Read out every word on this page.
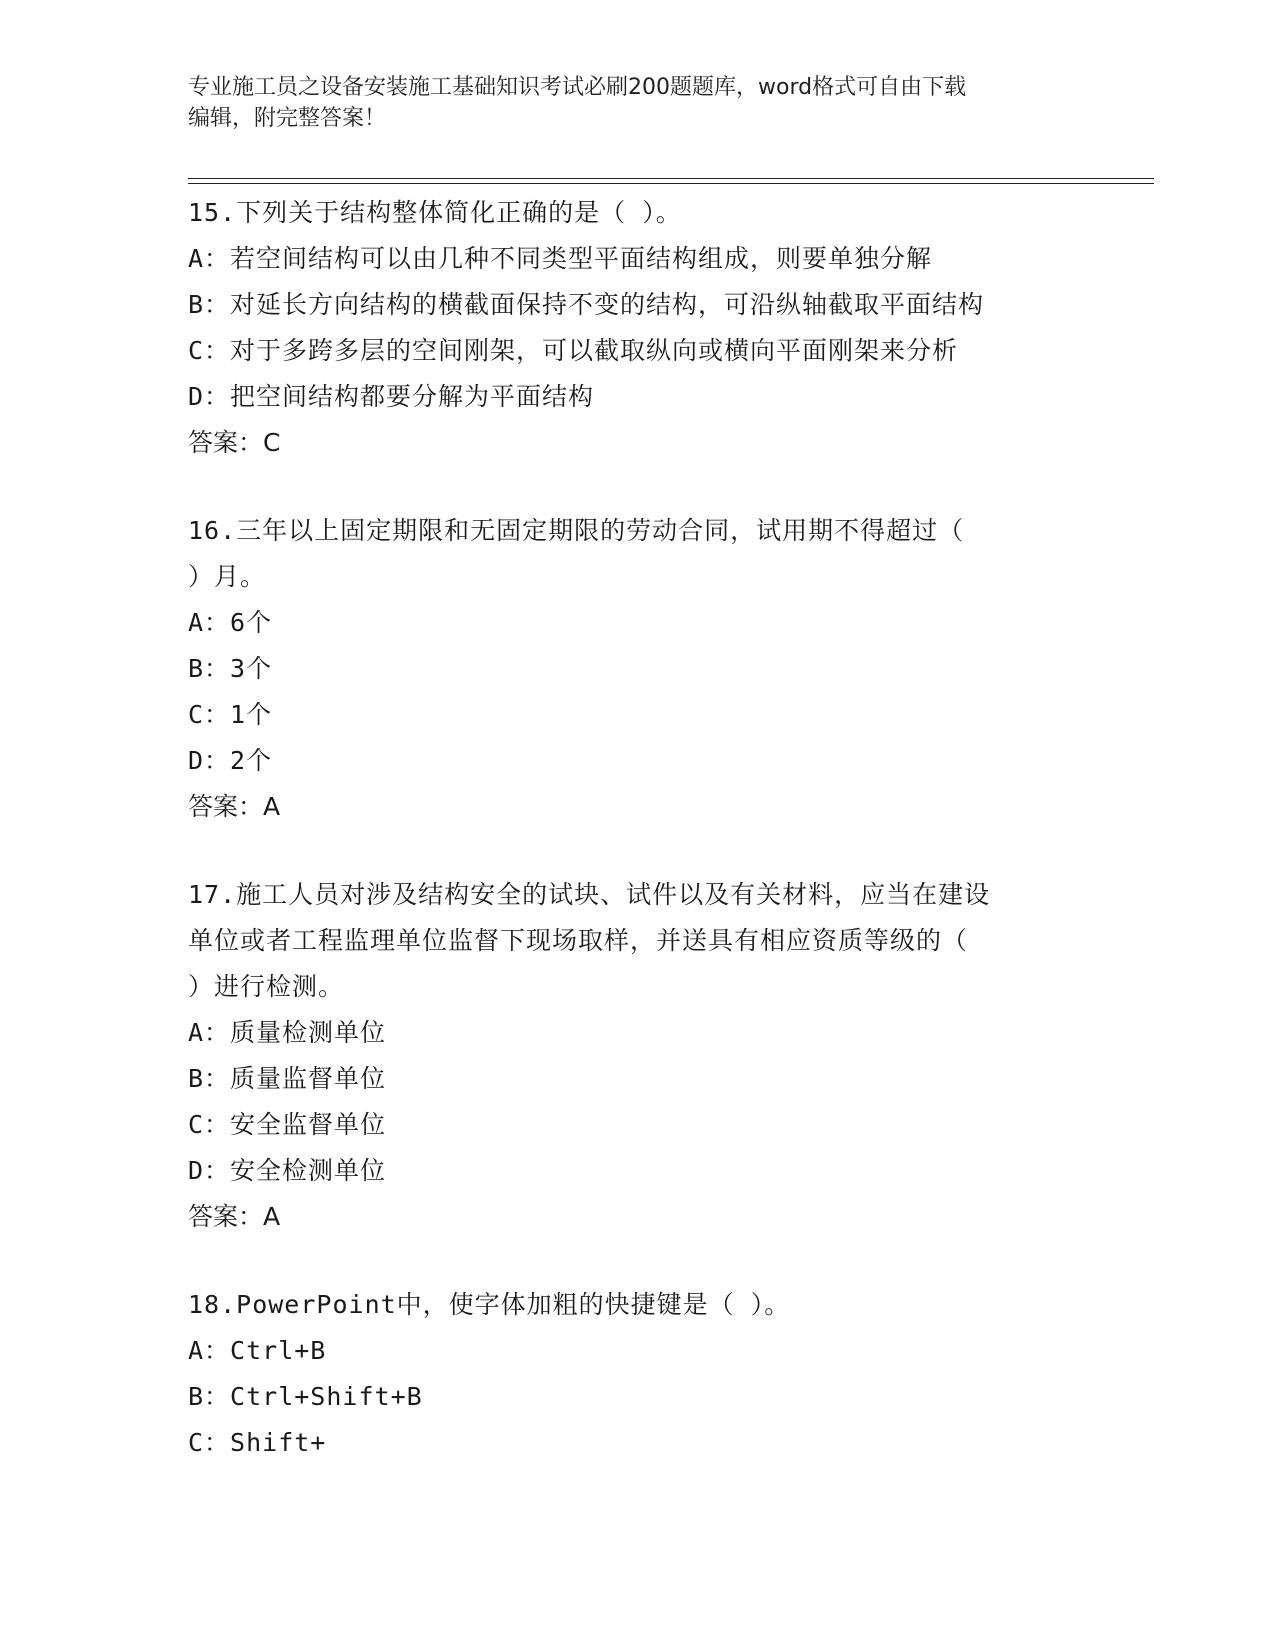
专业施工员之设备安装施工基础知识考试必刷200题题库，word格式可自由下载
编辑，附完整答案！
15.下列关于结构整体简化正确的是（ ）。
A：若空间结构可以由几种不同类型平面结构组成，则要单独分解
B：对延长方向结构的横截面保持不变的结构，可沿纵轴截取平面结构
C：对于多跨多层的空间刚架，可以截取纵向或横向平面刚架来分析
D：把空间结构都要分解为平面结构
答案：C
16.三年以上固定期限和无固定期限的劳动合同，试用期不得超过（
）月。
A：6个
B：3个
C：1个
D：2个
答案：A
17.施工人员对涉及结构安全的试块、试件以及有关材料，应当在建设
单位或者工程监理单位监督下现场取样，并送具有相应资质等级的（
）进行检测。
A：质量检测单位
B：质量监督单位
C：安全监督单位
D：安全检测单位
答案：A
18.PowerPoint中，使字体加粗的快捷键是（ ）。
A：Ctrl+B
B：Ctrl+Shift+B
C：Shift+
